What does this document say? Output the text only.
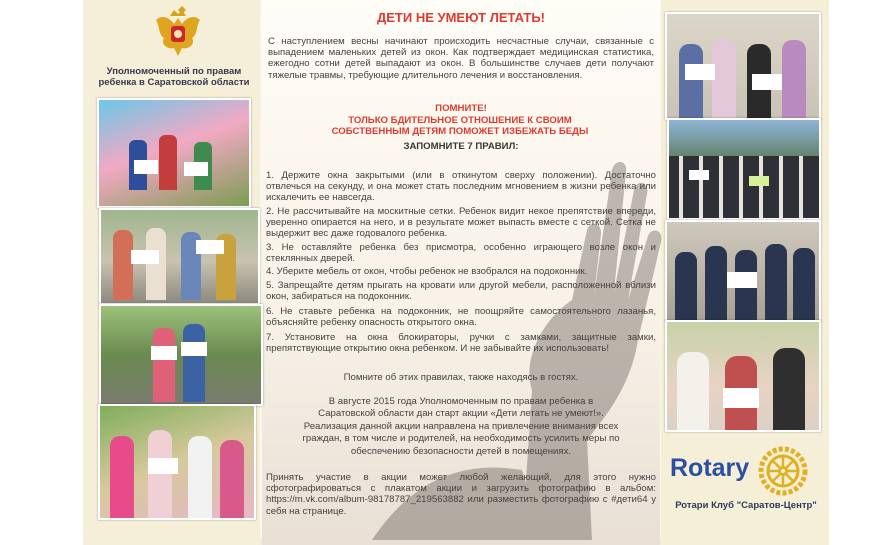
Уполномоченный по правам ребенка в Саратовской области
ДЕТИ НЕ УМЕЮТ ЛЕТАТЬ!
С наступлением весны начинают происходить несчастные случаи, связанные с выпадением маленьких детей из окон. Как подтверждает медицинская статистика, ежегодно сотни детей выпадают из окон. В большинстве случаев дети получают тяжелые травмы, требующие длительного лечения и восстановления.
ПОМНИТЕ!
ТОЛЬКО БДИТЕЛЬНОЕ ОТНОШЕНИЕ К СВОИМ СОБСТВЕННЫМ ДЕТЯМ ПОМОЖЕТ ИЗБЕЖАТЬ БЕДЫ
ЗАПОМНИТЕ 7 ПРАВИЛ:
1. Держите окна закрытыми (или в откинутом сверху положении). Достаточно отвлечься на секунду, и она может стать последним мгновением в жизни ребенка или искалечить ее навсегда.
2. Не рассчитывайте на москитные сетки. Ребенок видит некое препятствие впереди, уверенно опирается на него, и в результате может выпасть вместе с сеткой. Сетка не выдержит вес даже годовалого ребенка.
3. Не оставляйте ребенка без присмотра, особенно играющего возле окон и стеклянных дверей.
4. Уберите мебель от окон, чтобы ребенок не взобрался на подоконник.
5. Запрещайте детям прыгать на кровати или другой мебели, расположенной вблизи окон, забираться на подоконник.
6. Не ставьте ребенка на подоконник, не поощряйте самостоятельного лазанья, объясняйте ребенку опасность открытого окна.
7. Установите на окна блокираторы, ручки с замками, защитные замки, препятствующие открытию окна ребенком. И не забывайте их использовать!
Помните об этих правилах, также находясь в гостях.
В августе 2015 года Уполномоченным по правам ребенка в Саратовской области дан старт акции «Дети летать не умеют!». Реализация данной акции направлена на привлечение внимания всех граждан, в том числе и родителей, на необходимость усилить меры по обеспечению безопасности детей в помещениях.
Принять участие в акции может любой желающий, для этого нужно сфотографироваться с плакатом акции и загрузить фотографию в альбом: https://m.vk.com/album-98178787_219563882 или разместить фотографию с #дети64 у себя на странице.
Rotary
Ротари Клуб "Саратов-Центр"
